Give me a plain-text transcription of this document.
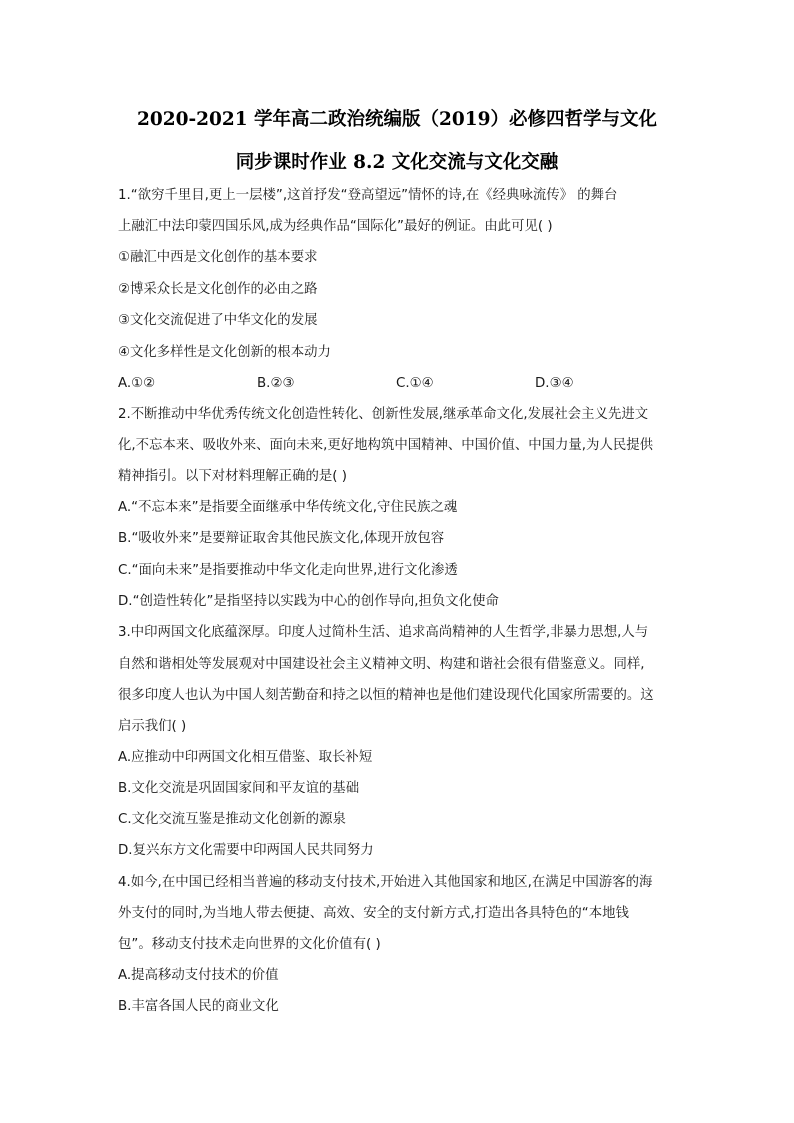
2020-2021 学年高二政治统编版（2019）必修四哲学与文化
同步课时作业 8.2 文化交流与文化交融
1.“欲穷千里目,更上一层楼”,这首抒发“登高望远”情怀的诗,在《经典咏流传》 的舞台
上融汇中法印蒙四国乐风,成为经典作品“国际化”最好的例证。由此可见( )
①融汇中西是文化创作的基本要求
②博采众长是文化创作的必由之路
③文化交流促进了中华文化的发展
④文化多样性是文化创新的根本动力
A.①②	B.②③	C.①④	D.③④
2.不断推动中华优秀传统文化创造性转化、创新性发展,继承革命文化,发展社会主义先进文
化,不忘本来、吸收外来、面向未来,更好地构筑中国精神、中国价值、中国力量,为人民提供
精神指引。以下对材料理解正确的是( )
A.“不忘本来”是指要全面继承中华传统文化,守住民族之魂
B.“吸收外来”是要辩证取舍其他民族文化,体现开放包容
C.“面向未来”是指要推动中华文化走向世界,进行文化渗透
D.“创造性转化”是指坚持以实践为中心的创作导向,担负文化使命
3.中印两国文化底蕴深厚。印度人过简朴生活、追求高尚精神的人生哲学,非暴力思想,人与
自然和谐相处等发展观对中国建设社会主义精神文明、构建和谐社会很有借鉴意义。同样,
很多印度人也认为中国人刻苦勤奋和持之以恒的精神也是他们建设现代化国家所需要的。这
启示我们( )
A.应推动中印两国文化相互借鉴、取长补短
B.文化交流是巩固国家间和平友谊的基础
C.文化交流互鉴是推动文化创新的源泉
D.复兴东方文化需要中印两国人民共同努力
4.如今,在中国已经相当普遍的移动支付技术,开始进入其他国家和地区,在满足中国游客的海
外支付的同时,为当地人带去便捷、高效、安全的支付新方式,打造出各具特色的“本地钱
包”。移动支付技术走向世界的文化价值有( )
A.提高移动支付技术的价值
B.丰富各国人民的商业文化
